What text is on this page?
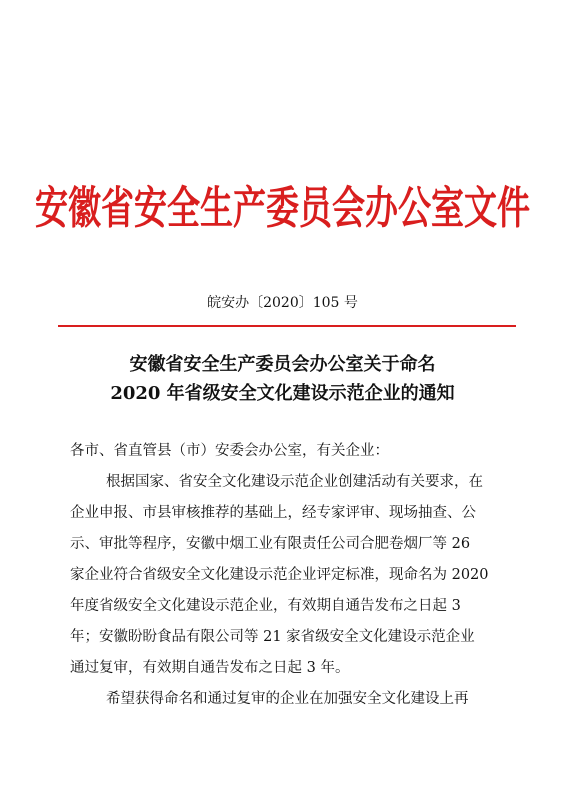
安徽省安全生产委员会办公室文件
皖安办〔2020〕105 号
安徽省安全生产委员会办公室关于命名
2020 年省级安全文化建设示范企业的通知
各市、省直管县（市）安委会办公室，有关企业：
根据国家、省安全文化建设示范企业创建活动有关要求，在
企业申报、市县审核推荐的基础上，经专家评审、现场抽查、公
示、审批等程序，安徽中烟工业有限责任公司合肥卷烟厂等 26
家企业符合省级安全文化建设示范企业评定标准，现命名为 2020
年度省级安全文化建设示范企业，有效期自通告发布之日起 3
年；安徽盼盼食品有限公司等 21 家省级安全文化建设示范企业
通过复审，有效期自通告发布之日起 3 年。
希望获得命名和通过复审的企业在加强安全文化建设上再
